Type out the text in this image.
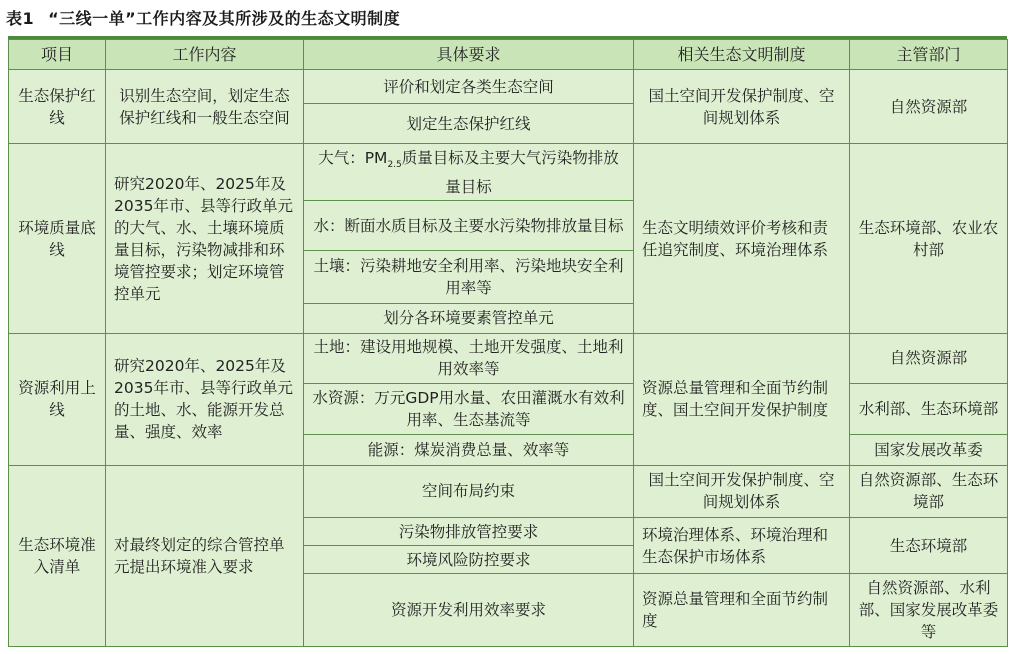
表1 “三线一单”工作内容及其所涉及的生态文明制度
项目	工作内容	具体要求	相关生态文明制度	主管部门
生态保护红线	识别生态空间，划定生态保护红线和一般生态空间	评价和划定各类生态空间	国土空间开发保护制度、空间规划体系	自然资源部
		划定生态保护红线		
环境质量底线	研究2020年、2025年及2035年市、县等行政单元的大气、水、土壤环境质量目标，污染物减排和环境管控要求；划定环境管控单元	大气：$PM_{2.5}$质量目标及主要大气污染物排放量目标	生态文明绩效评价考核和责任追究制度、环境治理体系	生态环境部、农业农村部
		水：断面水质目标及主要水污染物排放量目标		
		土壤：污染耕地安全利用率、污染地块安全利用率等		
		划分各环境要素管控单元		
资源利用上线	研究2020年、2025年及2035年市、县等行政单元的土地、水、能源开发总量、强度、效率	土地：建设用地规模、土地开发强度、土地利用效率等	资源总量管理和全面节约制度、国土空间开发保护制度	自然资源部
		水资源：万元GDP用水量、农田灌溉水有效利用率、生态基流等		水利部、生态环境部

		能源：煤炭消费总量、效率等		国家发展改革委
生态环境准入清单	对最终划定的综合管控单元提出环境准入要求	空间布局约束	国土空间开发保护制度、空间规划体系	自然资源部、生态环境部
		污染物排放管控要求	环境治理体系、环境治理和生态保护市场体系	生态环境部
		环境风险防控要求		
		资源开发利用效率要求	资源总量管理和全面节约制度	自然资源部、水利部、国家发展改革委等
